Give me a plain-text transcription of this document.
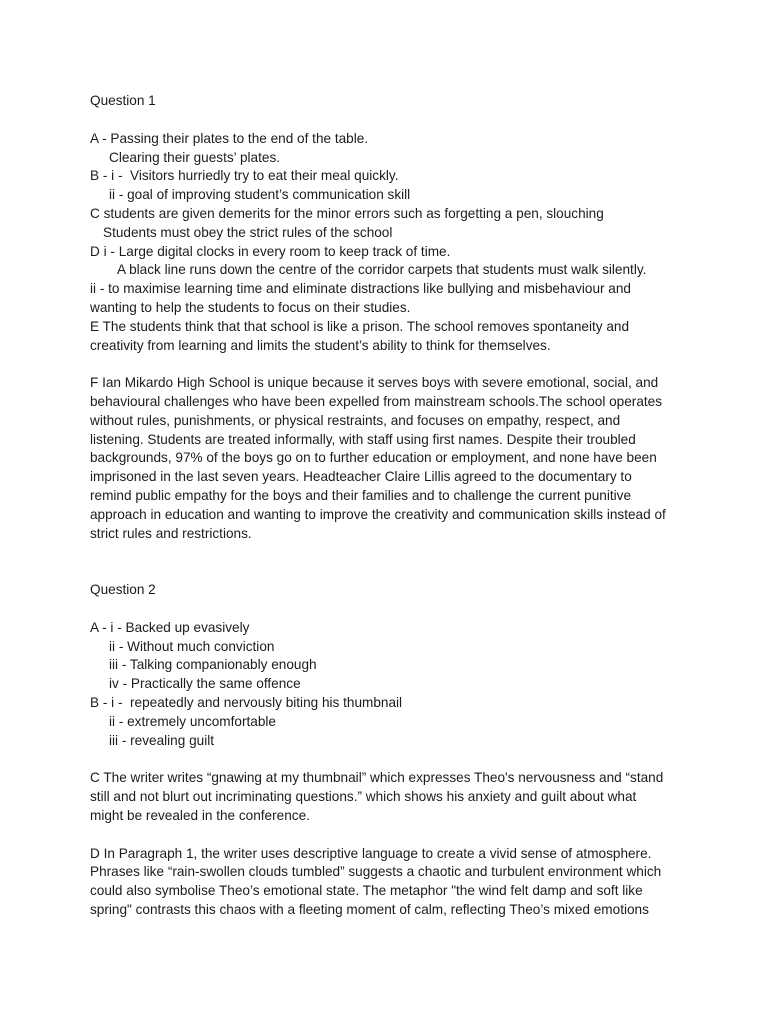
Question 1
A - Passing their plates to the end of the table.
Clearing their guests’ plates.
B - i -  Visitors hurriedly try to eat their meal quickly.
ii - goal of improving student’s communication skill
C students are given demerits for the minor errors such as forgetting a pen, slouching
Students must obey the strict rules of the school
D i - Large digital clocks in every room to keep track of time.
A black line runs down the centre of the corridor carpets that students must walk silently.
ii - to maximise learning time and eliminate distractions like bullying and misbehaviour and
wanting to help the students to focus on their studies.
E The students think that that school is like a prison. The school removes spontaneity and
creativity from learning and limits the student’s ability to think for themselves.
F Ian Mikardo High School is unique because it serves boys with severe emotional, social, and
behavioural challenges who have been expelled from mainstream schools.The school operates
without rules, punishments, or physical restraints, and focuses on empathy, respect, and
listening. Students are treated informally, with staff using first names. Despite their troubled
backgrounds, 97% of the boys go on to further education or employment, and none have been
imprisoned in the last seven years. Headteacher Claire Lillis agreed to the documentary to
remind public empathy for the boys and their families and to challenge the current punitive
approach in education and wanting to improve the creativity and communication skills instead of
strict rules and restrictions.
Question 2
A - i - Backed up evasively
ii - Without much conviction
iii - Talking companionably enough
iv - Practically the same offence
B - i -  repeatedly and nervously biting his thumbnail
ii - extremely uncomfortable
iii - revealing guilt
C The writer writes “gnawing at my thumbnail” which expresses Theo's nervousness and “stand
still and not blurt out incriminating questions.” which shows his anxiety and guilt about what
might be revealed in the conference.
D In Paragraph 1, the writer uses descriptive language to create a vivid sense of atmosphere.
Phrases like “rain-swollen clouds tumbled” suggests a chaotic and turbulent environment which
could also symbolise Theo’s emotional state. The metaphor "the wind felt damp and soft like
spring" contrasts this chaos with a fleeting moment of calm, reflecting Theo’s mixed emotions
